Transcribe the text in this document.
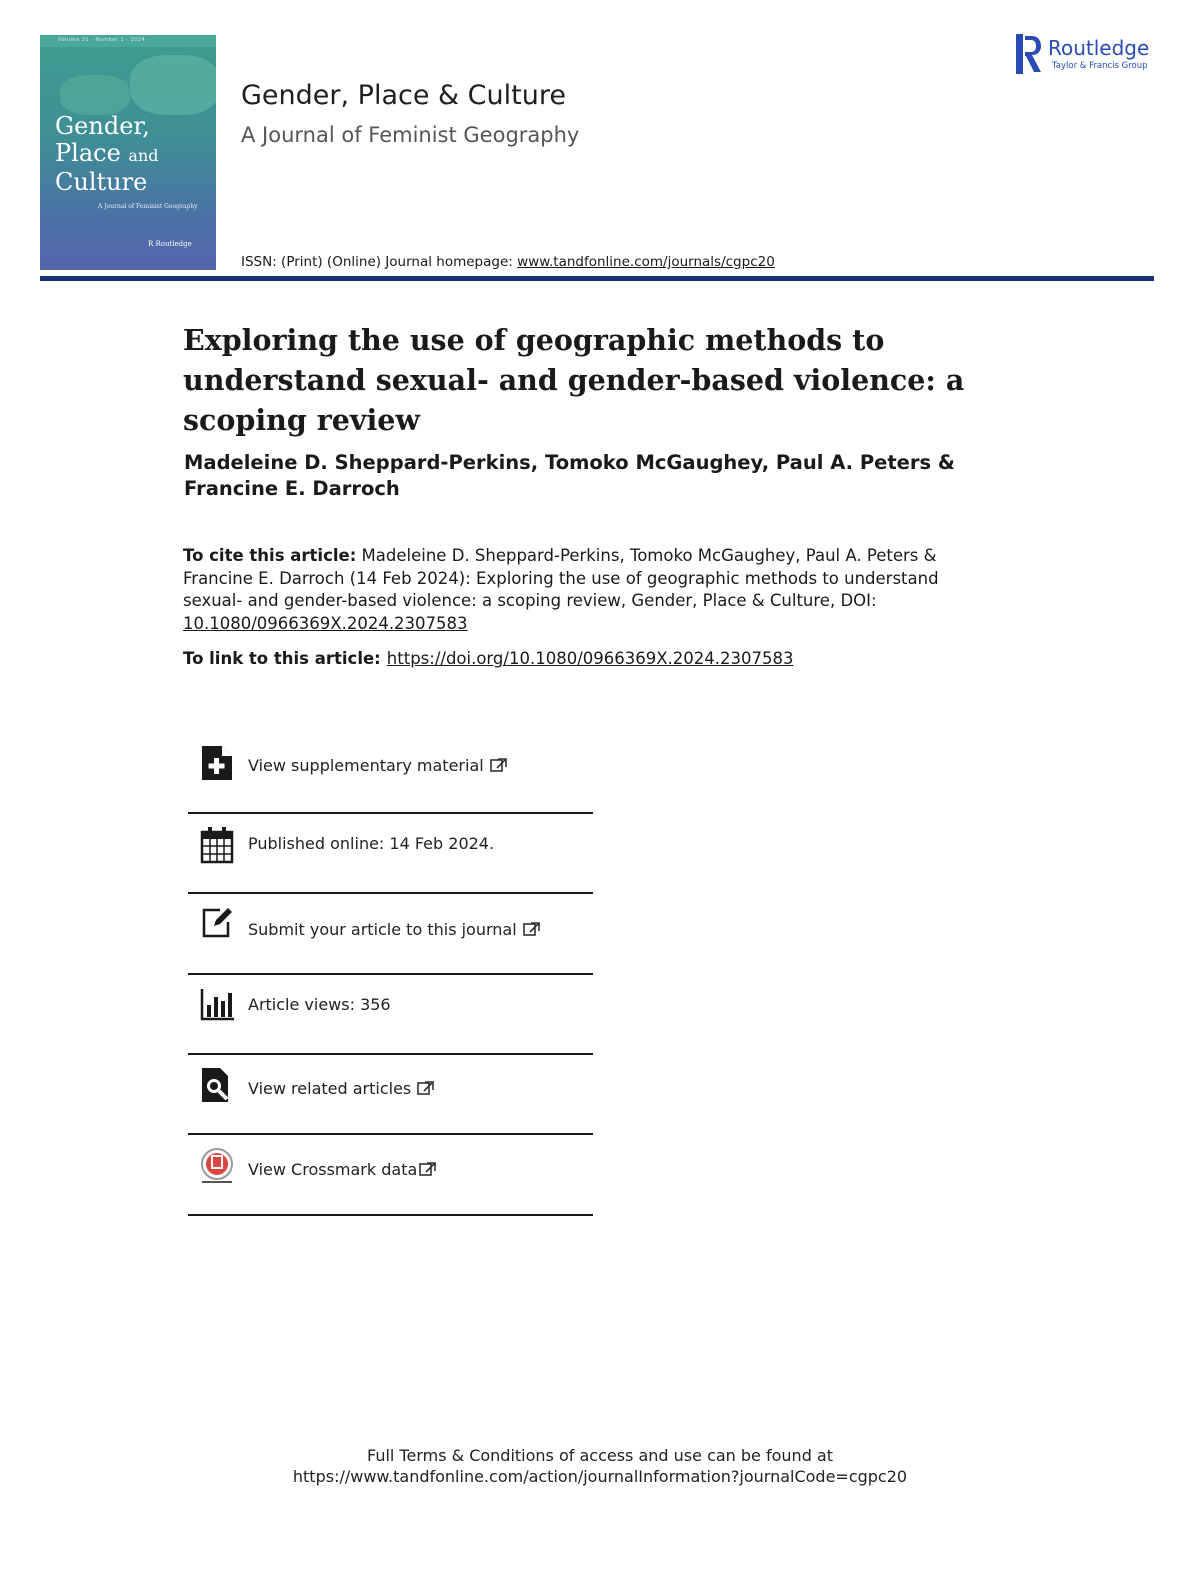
Volume 31 · Number 1 · 2024
Gender,
Place and
Culture
A Journal of Feminist Geography
R Routledge
Gender, Place & Culture
A Journal of Feminist Geography
ISSN: (Print) (Online) Journal homepage: www.tandfonline.com/journals/cgpc20
Routledge
Taylor & Francis Group
Exploring the use of geographic methods to understand sexual- and gender-based violence: a scoping review
Madeleine D. Sheppard-Perkins, Tomoko McGaughey, Paul A. Peters & Francine E. Darroch
To cite this article: Madeleine D. Sheppard-Perkins, Tomoko McGaughey, Paul A. Peters & Francine E. Darroch (14 Feb 2024): Exploring the use of geographic methods to understand sexual- and gender-based violence: a scoping review, Gender, Place & Culture, DOI: 10.1080/0966369X.2024.2307583
To link to this article: https://doi.org/10.1080/0966369X.2024.2307583
View supplementary material
Published online: 14 Feb 2024.
Submit your article to this journal
Article views: 356
View related articles
View Crossmark data
Full Terms & Conditions of access and use can be found at
https://www.tandfonline.com/action/journalInformation?journalCode=cgpc20
